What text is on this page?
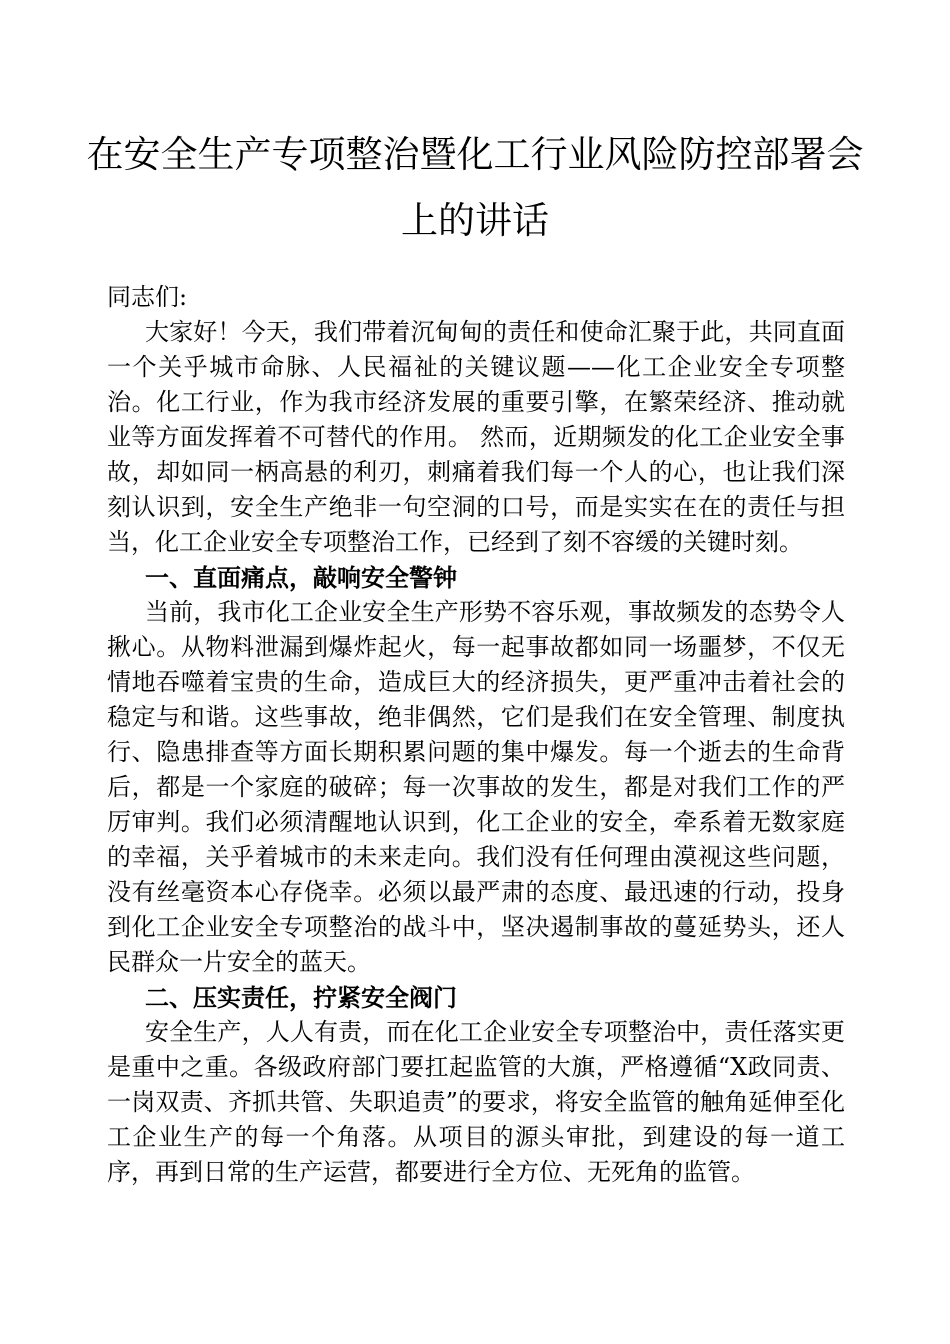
在安全生产专项整治暨化工行业风险防控部署会
上的讲话

同志们:

大家好！今天，我们带着沉甸甸的责任和使命汇聚于此，共同直面一个关乎城市命脉、人民福祉的关键议题——化工企业安全专项整治。化工行业，作为我市经济发展的重要引擎，在繁荣经济、推动就业等方面发挥着不可替代的作用。 然而，近期频发的化工企业安全事故，却如同一柄高悬的利刃，刺痛着我们每一个人的心，也让我们深刻认识到，安全生产绝非一句空洞的口号，而是实实在在的责任与担当，化工企业安全专项整治工作，已经到了刻不容缓的关键时刻。

一、直面痛点，敲响安全警钟

当前，我市化工企业安全生产形势不容乐观，事故频发的态势令人揪心。从物料泄漏到爆炸起火，每一起事故都如同一场噩梦，不仅无情地吞噬着宝贵的生命，造成巨大的经济损失，更严重冲击着社会的稳定与和谐。这些事故，绝非偶然，它们是我们在安全管理、制度执行、隐患排查等方面长期积累问题的集中爆发。每一个逝去的生命背后，都是一个家庭的破碎；每一次事故的发生，都是对我们工作的严厉审判。我们必须清醒地认识到，化工企业的安全，牵系着无数家庭的幸福，关乎着城市的未来走向。我们没有任何理由漠视这些问题，没有丝毫资本心存侥幸。必须以最严肃的态度、最迅速的行动，投身到化工企业安全专项整治的战斗中，坚决遏制事故的蔓延势头，还人民群众一片安全的蓝天。

二、压实责任，拧紧安全阀门

安全生产，人人有责，而在化工企业安全专项整治中，责任落实更是重中之重。各级政府部门要扛起监管的大旗，严格遵循“X政同责、一岗双责、齐抓共管、失职追责”的要求，将安全监管的触角延伸至化工企业生产的每一个角落。从项目的源头审批，到建设的每一道工序，再到日常的生产运营，都要进行全方位、无死角的监管。
